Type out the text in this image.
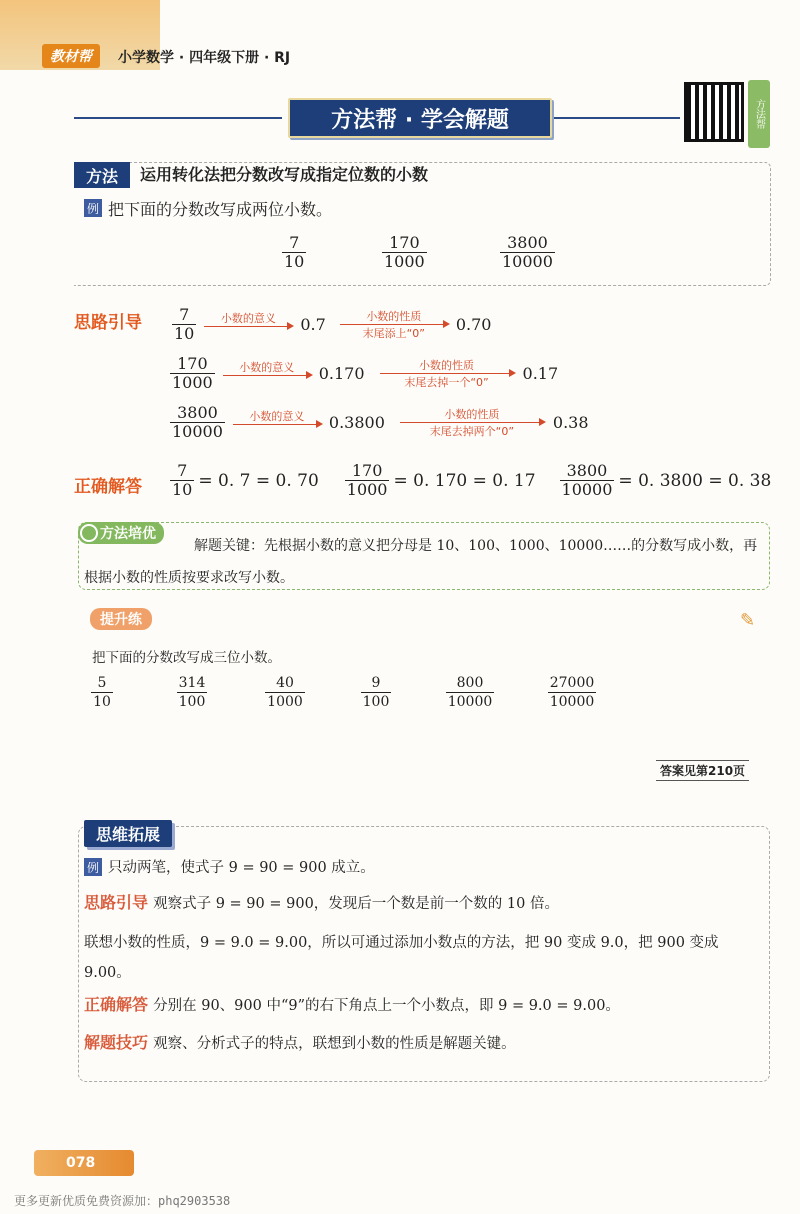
教材帮	小学数学 · 四年级下册 · RJ
方法帮 · 学会解题	方法帮
方法	运用转化法把分数改写成指定位数的小数
例 把下面的分数改写成两位小数。
$\frac{7}{10}$	$\frac{170}{1000}$	$\frac{3800}{10000}$
思路引导 $\frac{7}{10}$ 小数的意义
0.7	小数的性质
末尾添上“0” 0.70
$\frac{170}{1000}$ 小数的意义
0.170	小数的性质
末尾去掉一个“0” 0.17
$\frac{3800}{10000}$ 小数的意义
0.3800	小数的性质
末尾去掉两个“0” 0.38
正确解答 $\frac{7}{10} = 0$. 7 = 0. $70 \frac{170}{1000} = 0$. 170 = 0. $17 \frac{3800}{10000} = 0$. 3800 = 0. 38
方法培优
解题关键：先根据小数的意义把分母是 10、100、1000、10000……的分数写成小数，再根据小数的性质按要求改写小数。
提升练	✎
把下面的分数改写成三位小数。
$\frac{5}{10}$	$\frac{314}{100}$	$\frac{40}{1000}$	$\frac{9}{100}$	$\frac{800}{10000}$	$\frac{27000}{10000}$
答案见第210页
思维拓展
例 只动两笔，使式子 9 = 90 = 900 成立。
思路引导 观察式子 9 = 90 = 900，发现后一个数是前一个数的 10 倍。
联想小数的性质，9 = 9.0 = 9.00，所以可通过添加小数点的方法，把 90 变成 9.0，把 900 变成 9.00。
正确解答 分别在 90、900 中“9”的右下角点上一个小数点，即 9 = 9.0 = 9.00。
解题技巧 观察、分析式子的特点，联想到小数的性质是解题关键。
078
更多更新优质免费资源加：phq2903538
